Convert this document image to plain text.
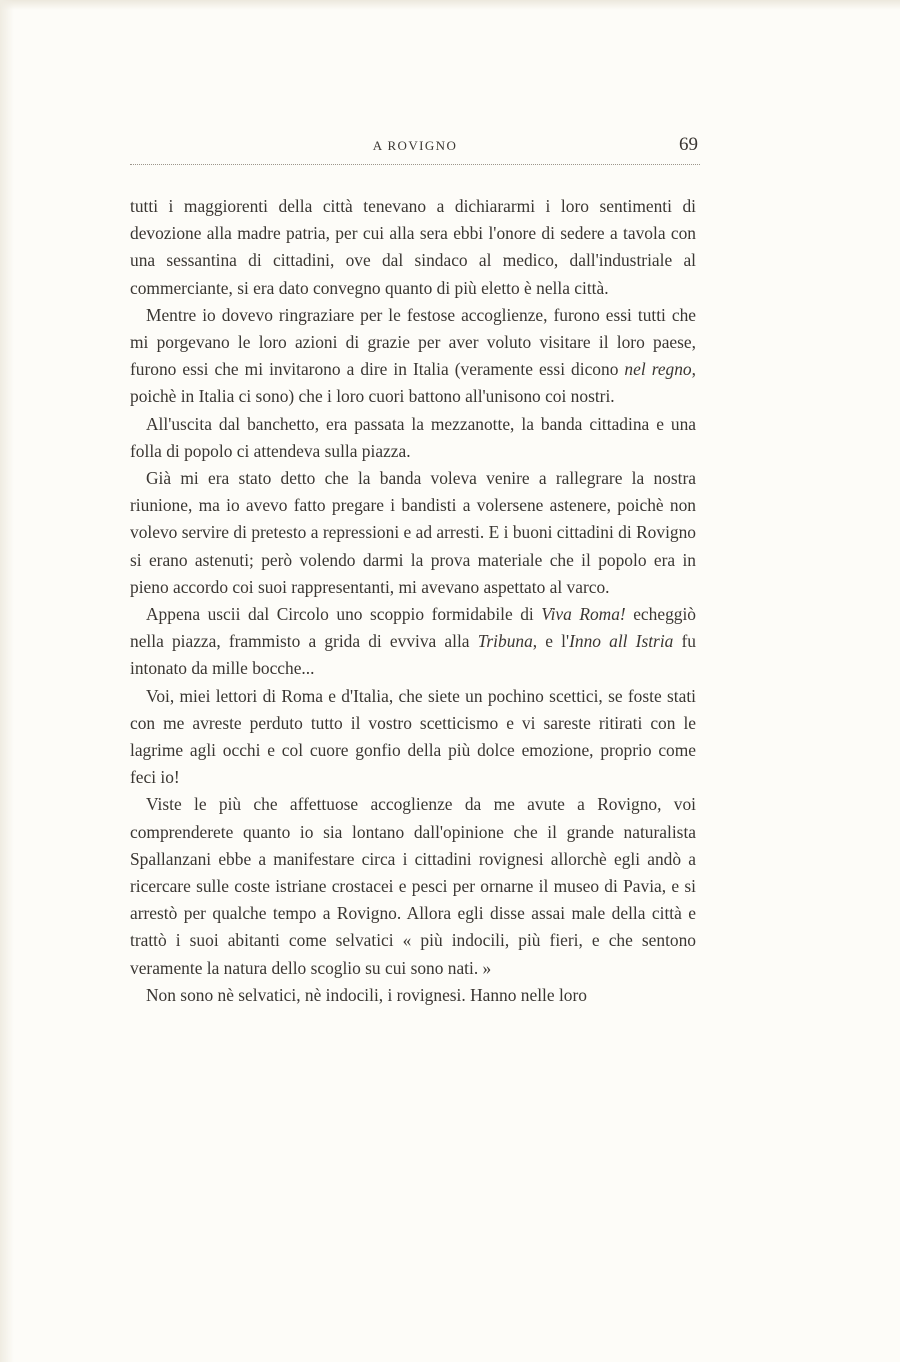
A ROVIGNO	69

tutti i maggiorenti della città tenevano a dichiararmi i loro sentimenti di devozione alla madre patria, per cui alla sera ebbi l'onore di sedere a tavola con una sessantina di cittadini, ove dal sindaco al medico, dall'industriale al commerciante, si era dato convegno quanto di più eletto è nella città.

Mentre io dovevo ringraziare per le festose accoglienze, furono essi tutti che mi porgevano le loro azioni di grazie per aver voluto visitare il loro paese, furono essi che mi invitarono a dire in Italia (veramente essi dicono nel regno, poichè in Italia ci sono) che i loro cuori battono all'unisono coi nostri.

All'uscita dal banchetto, era passata la mezzanotte, la banda cittadina e una folla di popolo ci attendeva sulla piazza.

Già mi era stato detto che la banda voleva venire a rallegrare la nostra riunione, ma io avevo fatto pregare i bandisti a volersene astenere, poichè non volevo servire di pretesto a repressioni e ad arresti. E i buoni cittadini di Rovigno si erano astenuti; però volendo darmi la prova materiale che il popolo era in pieno accordo coi suoi rappresentanti, mi avevano aspettato al varco.

Appena uscii dal Circolo uno scoppio formidabile di Viva Roma! echeggiò nella piazza, frammisto a grida di evviva alla Tribuna, e l'Inno all Istria fu intonato da mille bocche...

Voi, miei lettori di Roma e d'Italia, che siete un pochino scettici, se foste stati con me avreste perduto tutto il vostro scetticismo e vi sareste ritirati con le lagrime agli occhi e col cuore gonfio della più dolce emozione, proprio come feci io!

Viste le più che affettuose accoglienze da me avute a Rovigno, voi comprenderete quanto io sia lontano dall'opinione che il grande naturalista Spallanzani ebbe a manifestare circa i cittadini rovignesi allorchè egli andò a ricercare sulle coste istriane crostacei e pesci per ornarne il museo di Pavia, e si arrestò per qualche tempo a Rovigno. Allora egli disse assai male della città e trattò i suoi abitanti come selvatici « più indocili, più fieri, e che sentono veramente la natura dello scoglio su cui sono nati. »

Non sono nè selvatici, nè indocili, i rovignesi. Hanno nelle loro
